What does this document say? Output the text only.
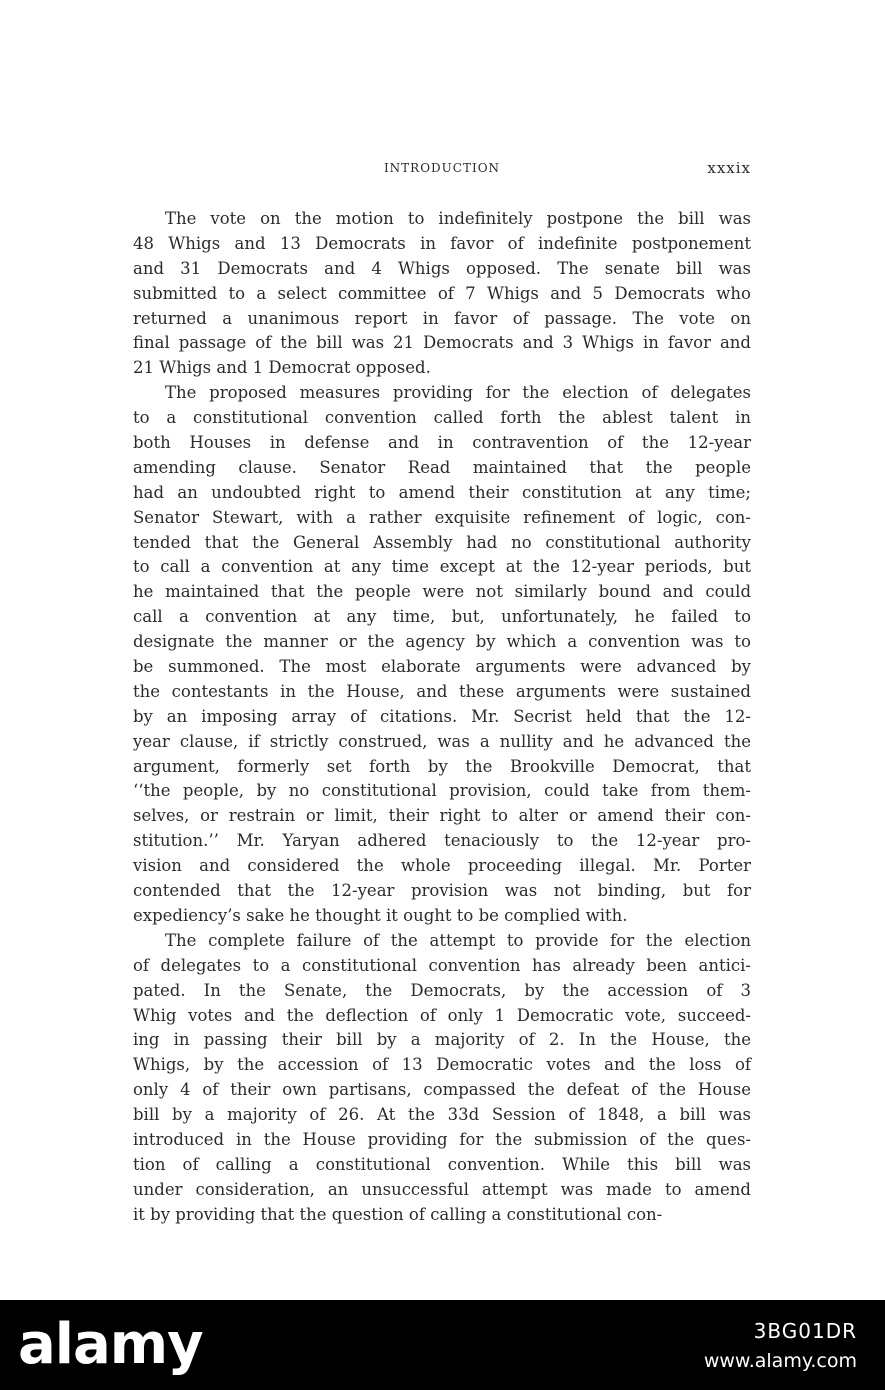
INTRODUCTION	xxxix
The vote on the motion to indefinitely postpone the bill was
48 Whigs and 13 Democrats in favor of indefinite postponement
and 31 Democrats and 4 Whigs opposed. The senate bill was
submitted to a select committee of 7 Whigs and 5 Democrats who
returned a unanimous report in favor of passage. The vote on
final passage of the bill was 21 Democrats and 3 Whigs in favor and
21 Whigs and 1 Democrat opposed.
The proposed measures providing for the election of delegates
to a constitutional convention called forth the ablest talent in
both Houses in defense and in contravention of the 12-year
amending clause. Senator Read maintained that the people
had an undoubted right to amend their constitution at any time;
Senator Stewart, with a rather exquisite refinement of logic, con-
tended that the General Assembly had no constitutional authority
to call a convention at any time except at the 12-year periods, but
he maintained that the people were not similarly bound and could
call a convention at any time, but, unfortunately, he failed to
designate the manner or the agency by which a convention was to
be summoned. The most elaborate arguments were advanced by
the contestants in the House, and these arguments were sustained
by an imposing array of citations. Mr. Secrist held that the 12-
year clause, if strictly construed, was a nullity and he advanced the
argument, formerly set forth by the Brookville Democrat, that
‘‘the people, by no constitutional provision, could take from them-
selves, or restrain or limit, their right to alter or amend their con-
stitution.’’ Mr. Yaryan adhered tenaciously to the 12-year pro-
vision and considered the whole proceeding illegal. Mr. Porter
contended that the 12-year provision was not binding, but for
expediency’s sake he thought it ought to be complied with.
The complete failure of the attempt to provide for the election
of delegates to a constitutional convention has already been antici-
pated. In the Senate, the Democrats, by the accession of 3
Whig votes and the deflection of only 1 Democratic vote, succeed-
ing in passing their bill by a majority of 2. In the House, the
Whigs, by the accession of 13 Democratic votes and the loss of
only 4 of their own partisans, compassed the defeat of the House
bill by a majority of 26. At the 33d Session of 1848, a bill was
introduced in the House providing for the submission of the ques-
tion of calling a constitutional convention. While this bill was
under consideration, an unsuccessful attempt was made to amend
it by providing that the question of calling a constitutional con-
alamy	3BG01DR
www.alamy.com
